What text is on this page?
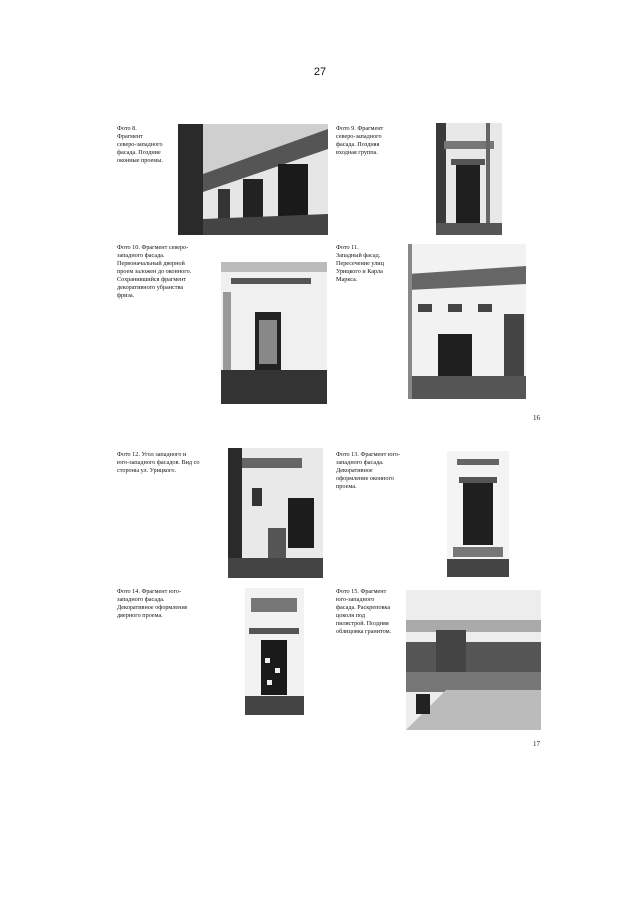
27
Фото 8.
Фрагмент
северо-западного
фасада. Поздние
оконные проемы.
Фото 9. Фрагмент
северо-западного
фасада. Поздняя
входная группа.
Фото 10. Фрагмент северо-
западного фасада.
Первоначальный дверной
проем заложен до оконного.
Сохранившийся фрагмент
декоративного убранства
фриза.
Фото 11.
Западный фасад.
Пересечение улиц
Урицкого и Карла
Маркса.
16
Фото 12. Угол западного и
юго-западного фасадов. Вид со
стороны ул. Урицкого.
Фото 13. Фрагмент юго-
западного фасада.
Декоративное
оформление оконного
проема.
Фото 14. Фрагмент юго-
западного фасада.
Декоративное оформление
дверного проема.
Фото 15. Фрагмент
юго-западного
фасада. Раскреповка
цоколя под
пилястрой. Поздняя
облицовка гранитом.
17
